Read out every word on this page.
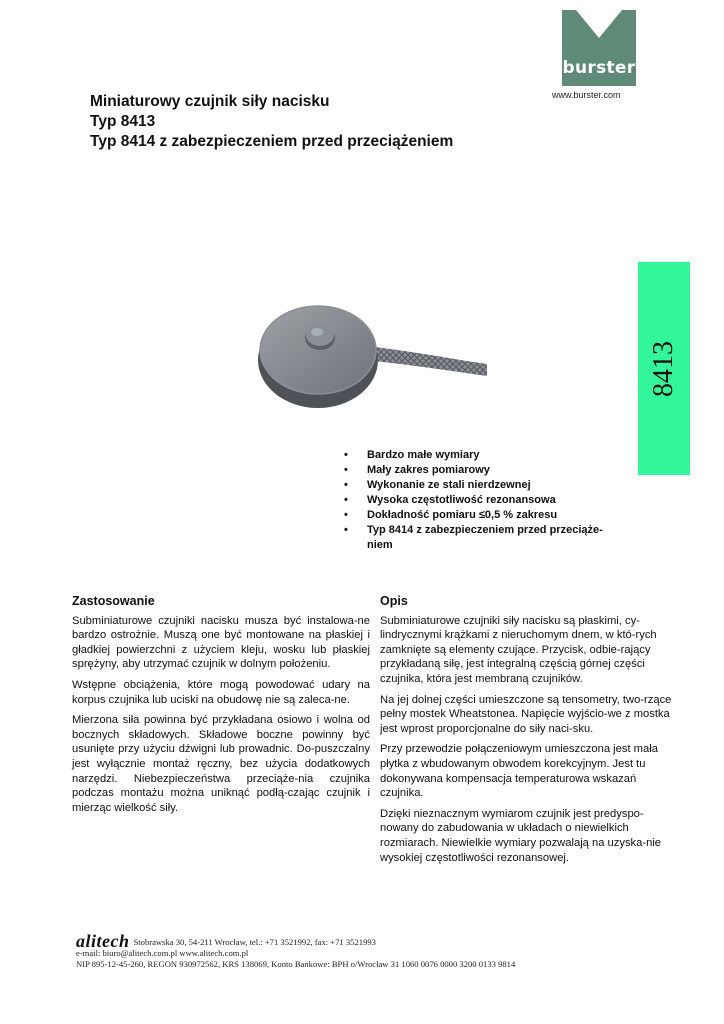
burster
www.burster.com
Miniaturowy czujnik siły nacisku
Typ 8413
Typ 8414 z zabezpieczeniem przed przeciążeniem
8413
• Bardzo małe wymiary
• Mały zakres pomiarowy
• Wykonanie ze stali nierdzewnej
• Wysoka częstotliwość rezonansowa
• Dokładność pomiaru ≤0,5 % zakresu
• Typ 8414 z zabezpieczeniem przed przeciąże-
niem
Zastosowanie

Subminiaturowe czujniki nacisku musza być instalowa-ne bardzo ostrożnie. Muszą one być montowane na płaskiej i gładkiej powierzchni z użyciem kleju, wosku lub płaskiej sprężyny, aby utrzymać czujnik w dolnym położeniu.

Wstępne obciążenia, które mogą powodować udary na korpus czujnika lub uciski na obudowę nie są zaleca-ne.

Mierzona siła powinna być przykładana osiowo i wolna od bocznych składowych. Składowe boczne powinny być usunięte przy użyciu dźwigni lub prowadnic. Do-puszczalny jest wyłącznie montaż ręczny, bez użycia dodatkowych narzędzi. Niebezpieczeństwa przeciąże-nia czujnika podczas montażu można uniknąć podłą-czając czujnik i mierząc wielkość siły.

Opis

Subminiaturowe czujniki siły nacisku są płaskimi, cy-lindrycznymi krążkami z nieruchomym dnem, w któ-rych zamknięte są elementy czujące. Przycisk, odbie-rający przykładaną siłę, jest integralną częścią górnej części czujnika, która jest membraną czujników.

Na jej dolnej części umieszczone są tensometry, two-rzące pełny mostek Wheatstonea. Napięcie wyjścio-we z mostka jest wprost proporcjonalne do siły naci-sku.

Przy przewodzie połączeniowym umieszczona jest mała płytka z wbudowanym obwodem korekcyjnym. Jest tu dokonywana kompensacja temperaturowa wskazań czujnika.

Dzięki nieznacznym wymiarom czujnik jest predyspo-nowany do zabudowania w układach o niewielkich rozmiarach. Niewielkie wymiary pozwalają na uzyska-nie wysokiej częstotliwości rezonansowej.

alitech Stobrawska 30, 54-211 Wrocław, tel.: +71 3521992, fax: +71 3521993
e-mail: biuro@alitech.com.pl www.alitech.com.pl
NIP 895-12-45-260, REGON 930972562, KRS 138069, Konto Bankowe: BPH o/Wrocław 31 1060 0076 0000 3200 0133 9814
